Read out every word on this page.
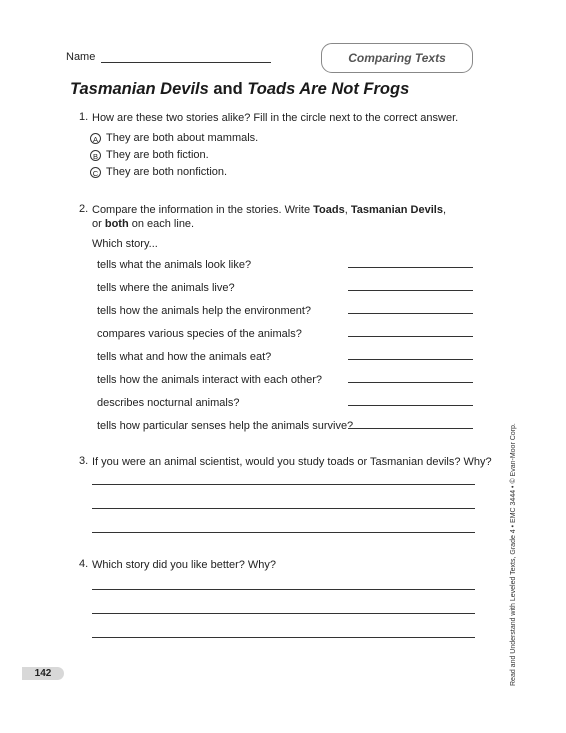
Name	Comparing Texts
Tasmanian Devils and Toads Are Not Frogs
1. How are these two stories alike? Fill in the circle next to the correct answer.
A They are both about mammals.
B They are both fiction.
C They are both nonfiction.
2. Compare the information in the stories. Write Toads, Tasmanian Devils,
or both on each line.
Which story...
tells what the animals look like?
tells where the animals live?
tells how the animals help the environment?
compares various species of the animals?
tells what and how the animals eat?
tells how the animals interact with each other?
describes nocturnal animals?
tells how particular senses help the animals survive?
3. If you were an animal scientist, would you study toads or Tasmanian devils? Why?
4. Which story did you like better? Why?
142	Read and Understand with Leveled Texts, Grade 4 • EMC 3444 • © Evan-Moor Corp.
